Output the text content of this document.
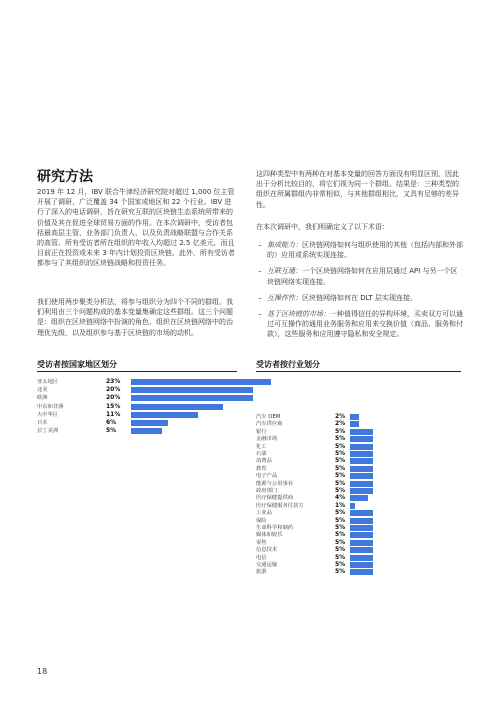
研究方法
2019 年 12 月，IBV 联合牛津经济研究院对超过 1,000 位主管开展了调研，广泛覆盖 34 个国家或地区和 22 个行业。IBV 进行了深入的电话调研，旨在研究互联的区块链生态系统所带来的价值及其在促进全球贸易方面的作用。在本次调研中，受访者包括最高层主管、业务部门负责人、以及负责战略联盟与合作关系的高管。所有受访者所在组织的年收入均超过 2.5 亿美元，而且目前正在投资或未来 3 年内计划投资区块链。此外，所有受访者都参与了其组织的区块链战略和投资任务。
我们使用两步聚类分析法，将参与组织分为四个不同的群组。我们利用由三个问题构成的基本变量集确定这些群组。这三个问题是：组织在区块链网络中扮演的角色、组织在区块链网络中的治理优先级，以及组织参与基于区块链的市场的动机。
这四种类型中有两种在对基本变量的回答方面没有明显区别，因此出于分析比较目的，将它们视为同一个群组。结果是：三种类型的组织在所属群组内非常相似，与其他群组相比，又具有足够的差异性。
在本次调研中，我们明确定义了以下术语：
– 集成能力：区块链网络如何与组织使用的其他（包括内部和外部的）应用或系统实现连接。
– 互联互通：一个区块链网络如何在应用层通过 API 与另一个区块链网络实现连接。
– 互操作性：区块链网络如何在 DLT 层实现连接。
– 基于区块链的市场：一种值得信任的异构环境，买卖双方可以通过可互操作的通用业务服务和应用来交换价值（商品、服务和付款），这些服务和应用遵守隐私和安全规定。
受访者按国家地区划分
亚太地区	23%
北美	20%
欧洲	20%
中东和非洲	15%
大中华区	11%
日本	6%
拉丁美洲	5%
受访者按行业划分
汽车 OEM	2%
汽车供应商	2%
银行	5%
金融市场	5%
化工	5%
石油	5%
消费品	5%
教育	5%
电子产品	5%
能源与公用事业	5%
政府部门	5%
医疗保健提供商	4%
医疗保健服务付款方	1%
工业品	5%
保险	5%
生命科学和制药	5%
媒体和娱乐	5%
零售	5%
信息技术	5%
电信	5%
交通运输	5%
旅游	5%
18
